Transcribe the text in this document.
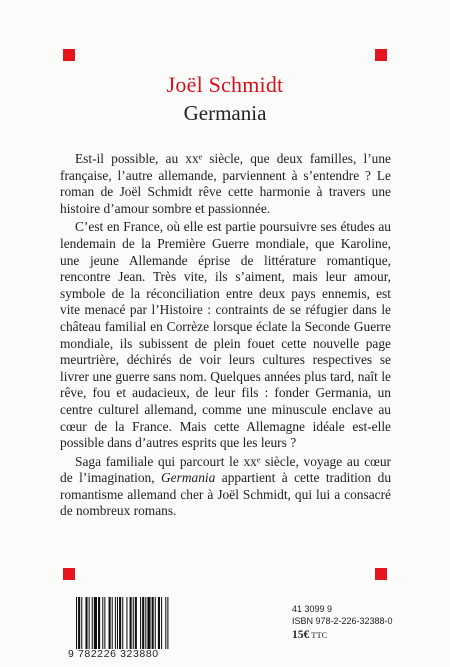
Joël Schmidt
Germania

Est-il possible, au xxᵉ siècle, que deux familles, l’une française, l’autre allemande, parviennent à s’entendre ? Le roman de Joël Schmidt rêve cette harmonie à travers une histoire d’amour sombre et passionnée.

C’est en France, où elle est partie poursuivre ses études au lendemain de la Première Guerre mondiale, que Karoline, une jeune Allemande éprise de littérature romantique, rencontre Jean. Très vite, ils s’aiment, mais leur amour, symbole de la réconciliation entre deux pays ennemis, est vite menacé par l’Histoire : contraints de se réfugier dans le château familial en Corrèze lorsque éclate la Seconde Guerre mondiale, ils subissent de plein fouet cette nouvelle page meurtrière, déchirés de voir leurs cultures respectives se livrer une guerre sans nom. Quelques années plus tard, naît le rêve, fou et audacieux, de leur fils : fonder Germania, un centre culturel allemand, comme une minuscule enclave au cœur de la France. Mais cette Allemagne idéale est-elle possible dans d’autres esprits que les leurs ?

Saga familiale qui parcourt le xxᵉ siècle, voyage au cœur de l’imagination, Germania appartient à cette tradition du romantisme allemand cher à Joël Schmidt, qui lui a consacré de nombreux romans.

9 782226 323880
41 3099 9
ISBN 978-2-226-32388-0
15€ TTC
